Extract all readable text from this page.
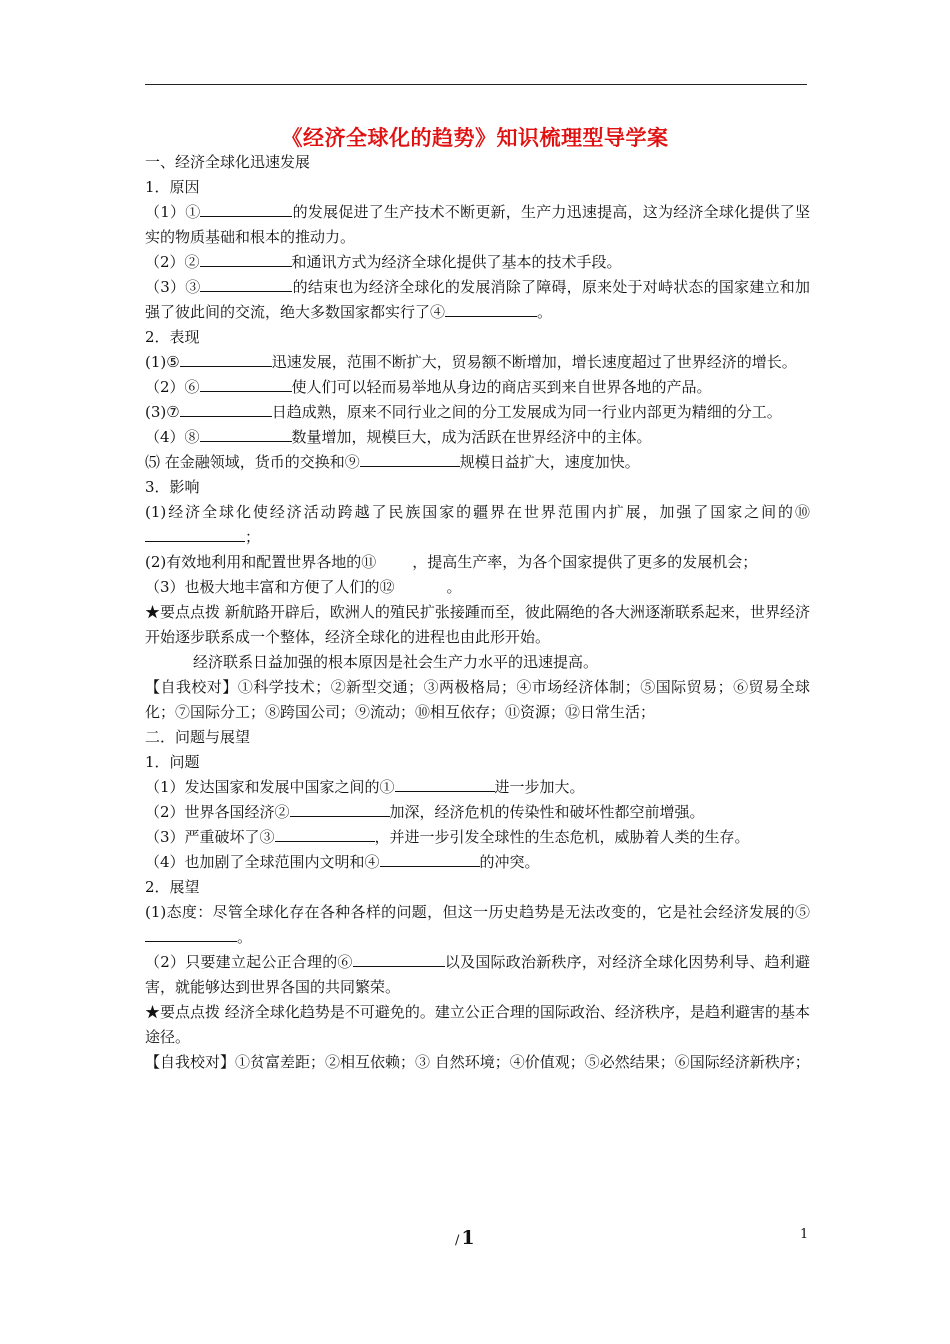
《经济全球化的趋势》知识梳理型导学案

一、经济全球化迅速发展

1．原因

（1）①	的发展促进了生产技术不断更新，生产力迅速提高，这为经济全球化提供了坚实的物质基础和根本的推动力。

（2）②	和通讯方式为经济全球化提供了基本的技术手段。

（3）③	的结束也为经济全球化的发展消除了障碍，原来处于对峙状态的国家建立和加强了彼此间的交流，绝大多数国家都实行了④	。

2．表现

(1)⑤	迅速发展，范围不断扩大，贸易额不断增加，增长速度超过了世界经济的增长。

（2）⑥	使人们可以轻而易举地从身边的商店买到来自世界各地的产品。

(3)⑦	日趋成熟，原来不同行业之间的分工发展成为同一行业内部更为精细的分工。

（4）⑧	数量增加，规模巨大，成为活跃在世界经济中的主体。

⑸ 在金融领域，货币的交换和⑨	规模日益扩大，速度加快。

3．影响

(1)经济全球化使经济活动跨越了民族国家的疆界在世界范围内扩展，加强了国家之间的⑩；

(2)有效地利用和配置世界各地的⑪ ，提高生产率，为各个国家提供了更多的发展机会；

（3）也极大地丰富和方便了人们的⑫	。

★要点点拨 新航路开辟后，欧洲人的殖民扩张接踵而至，彼此隔绝的各大洲逐渐联系起来，世界经济开始逐步联系成一个整体，经济全球化的进程也由此形开始。

经济联系日益加强的根本原因是社会生产力水平的迅速提高。

【自我校对】①科学技术；②新型交通；③两极格局；④市场经济体制；⑤国际贸易；⑥贸易全球化；⑦国际分工；⑧跨国公司；⑨流动；⑩相互依存；⑪资源；⑫日常生活；

二．问题与展望

1．问题

（1）发达国家和发展中国家之间的①	进一步加大。

（2）世界各国经济②	加深，经济危机的传染性和破坏性都空前增强。

（3）严重破坏了③	，并进一步引发全球性的生态危机，威胁着人类的生存。

（4）也加剧了全球范围内文明和④	的冲突。

2．展望

(1)态度：尽管全球化存在各种各样的问题，但这一历史趋势是无法改变的，它是社会经济发展的⑤。

（2）只要建立起公正合理的⑥	以及国际政治新秩序，对经济全球化因势利导、趋利避害，就能够达到世界各国的共同繁荣。

★要点点拨 经济全球化趋势是不可避免的。建立公正合理的国际政治、经济秩序，是趋利避害的基本途径。

【自我校对】①贫富差距；②相互依赖；③ 自然环境；④价值观；⑤必然结果；⑥国际经济新秩序；

/ 1	1
